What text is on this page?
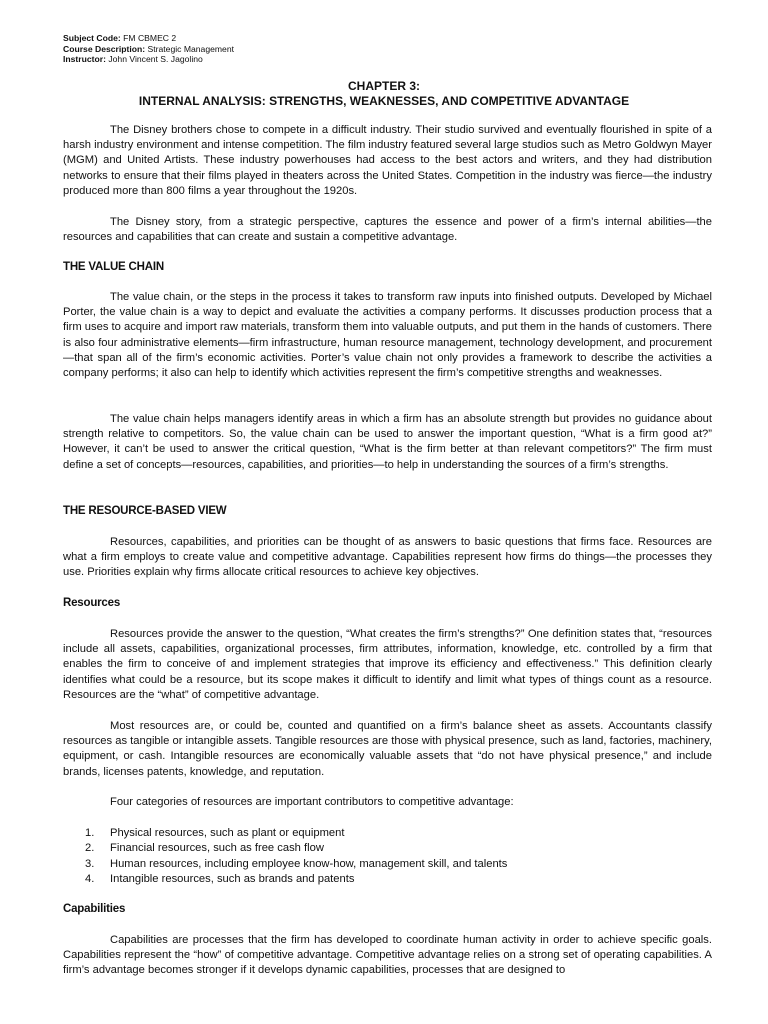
Subject Code: FM CBMEC 2
Course Description: Strategic Management
Instructor: John Vincent S. Jagolino
CHAPTER 3:
INTERNAL ANALYSIS: STRENGTHS, WEAKNESSES, AND COMPETITIVE ADVANTAGE

The Disney brothers chose to compete in a difficult industry. Their studio survived and eventually flourished in spite of a harsh industry environment and intense competition. The film industry featured several large studios such as Metro Goldwyn Mayer (MGM) and United Artists. These industry powerhouses had access to the best actors and writers, and they had distribution networks to ensure that their films played in theaters across the United States. Competition in the industry was fierce—the industry produced more than 800 films a year throughout the 1920s.

The Disney story, from a strategic perspective, captures the essence and power of a firm’s internal abilities—the resources and capabilities that can create and sustain a competitive advantage.

THE VALUE CHAIN

The value chain, or the steps in the process it takes to transform raw inputs into finished outputs. Developed by Michael Porter, the value chain is a way to depict and evaluate the activities a company performs. It discusses production process that a firm uses to acquire and import raw materials, transform them into valuable outputs, and put them in the hands of customers. There is also four administrative elements—firm infrastructure, human resource management, technology development, and procurement—that span all of the firm’s economic activities. Porter’s value chain not only provides a framework to describe the activities a company performs; it also can help to identify which activities represent the firm’s competitive strengths and weaknesses.

The value chain helps managers identify areas in which a firm has an absolute strength but provides no guidance about strength relative to competitors. So, the value chain can be used to answer the important question, “What is a firm good at?” However, it can’t be used to answer the critical question, “What is the firm better at than relevant competitors?” The firm must define a set of concepts—resources, capabilities, and priorities—to help in understanding the sources of a firm’s strengths.

THE RESOURCE-BASED VIEW

Resources, capabilities, and priorities can be thought of as answers to basic questions that firms face. Resources are what a firm employs to create value and competitive advantage. Capabilities represent how firms do things—the processes they use. Priorities explain why firms allocate critical resources to achieve key objectives.

Resources

Resources provide the answer to the question, “What creates the firm’s strengths?” One definition states that, “resources include all assets, capabilities, organizational processes, firm attributes, information, knowledge, etc. controlled by a firm that enables the firm to conceive of and implement strategies that improve its efficiency and effectiveness.” This definition clearly identifies what could be a resource, but its scope makes it difficult to identify and limit what types of things count as a resource. Resources are the “what” of competitive advantage.

Most resources are, or could be, counted and quantified on a firm’s balance sheet as assets. Accountants classify resources as tangible or intangible assets. Tangible resources are those with physical presence, such as land, factories, machinery, equipment, or cash. Intangible resources are economically valuable assets that “do not have physical presence,” and include brands, licenses patents, knowledge, and reputation.

Four categories of resources are important contributors to competitive advantage:

1. Physical resources, such as plant or equipment
2. Financial resources, such as free cash flow
3. Human resources, including employee know-how, management skill, and talents
4. Intangible resources, such as brands and patents
Capabilities

Capabilities are processes that the firm has developed to coordinate human activity in order to achieve specific goals. Capabilities represent the “how” of competitive advantage. Competitive advantage relies on a strong set of operating capabilities. A firm’s advantage becomes stronger if it develops dynamic capabilities, processes that are designed to
